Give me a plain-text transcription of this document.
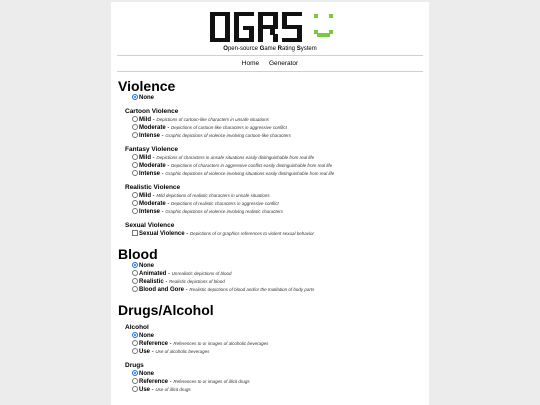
Open-source Game Rating System
Home Generator
Violence
None
Cartoon Violence
Mild - Depictions of cartoon-like characters in unsafe situations
Moderate - Depictions of cartoon-like characters in aggressive conflict
Intense - Graphic depictions of violence involving cartoon-like characters
Fantasy Violence
Mild - Depictions of characters in unsafe situations easily distinguishable from real life
Moderate - Depictions of characters in aggressive conflict easily distinguishable from real life
Intense - Graphic depictions of violence involving situations easily distinguishable from real life
Realistic Violence
Mild - Mild depictions of realistic characters in unsafe situations
Moderate - Depictions of realistic characters in aggressive conflict
Intense - Graphic depictions of violence involving realistic characters
Sexual Violence
Sexual Violence - Depictions of or graphics references to violent sexual behavior
Blood
None
Animated - Unrealistic depictions of blood
Realistic - Realistic depictions of blood
Blood and Gore - Realistic depictions of blood and/or the mutilation of body parts
Drugs/Alcohol
Alcohol
None
Reference - References to or images of alcoholic beverages
Use - Use of alcoholic beverages
Drugs
None
Reference - References to or images of illicit drugs
Use - Use of illicit drugs
